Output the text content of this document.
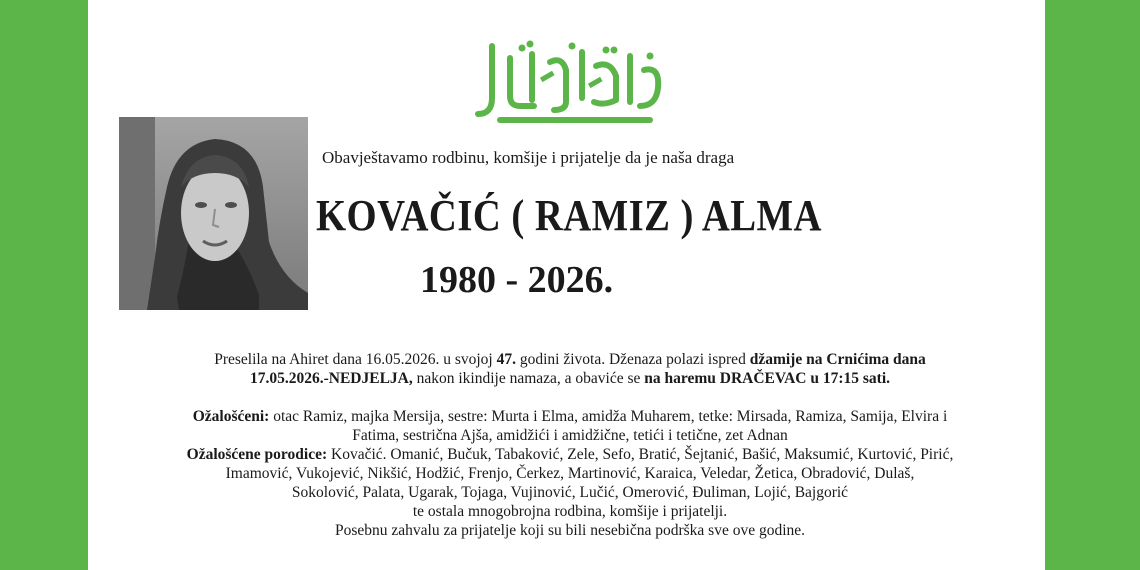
Obavještavamo rodbinu, komšije i prijatelje da je naša draga
KOVAČIĆ ( RAMIZ ) ALMA
1980 - 2026.
Preselila na Ahiret dana 16.05.2026. u svojoj 47. godini života. Dženaza polazi ispred džamije na Crnićima dana
17.05.2026.-NEDJELJA, nakon ikindije namaza, a obaviće se na haremu DRAČEVAC u 17:15 sati.
Ožalošćeni: otac Ramiz, majka Mersija, sestre: Murta i Elma, amidža Muharem, tetke: Mirsada, Ramiza, Samija, Elvira i
Fatima, sestrična Ajša, amidžići i amidžične, tetići i tetične, zet Adnan
Ožalošćene porodice: Kovačić. Omanić, Bučuk, Tabaković, Zele, Sefo, Bratić, Šejtanić, Bašić, Maksumić, Kurtović, Pirić,
Imamović, Vukojević, Nikšić, Hodžić, Frenjo, Čerkez, Martinović, Karaica, Veledar, Žetica, Obradović, Dulaš,
Sokolović, Palata, Ugarak, Tojaga, Vujinović, Lučić, Omerović, Đuliman, Lojić, Bajgorić
te ostala mnogobrojna rodbina, komšije i prijatelji.
Posebnu zahvalu za prijatelje koji su bili nesebična podrška sve ove godine.
